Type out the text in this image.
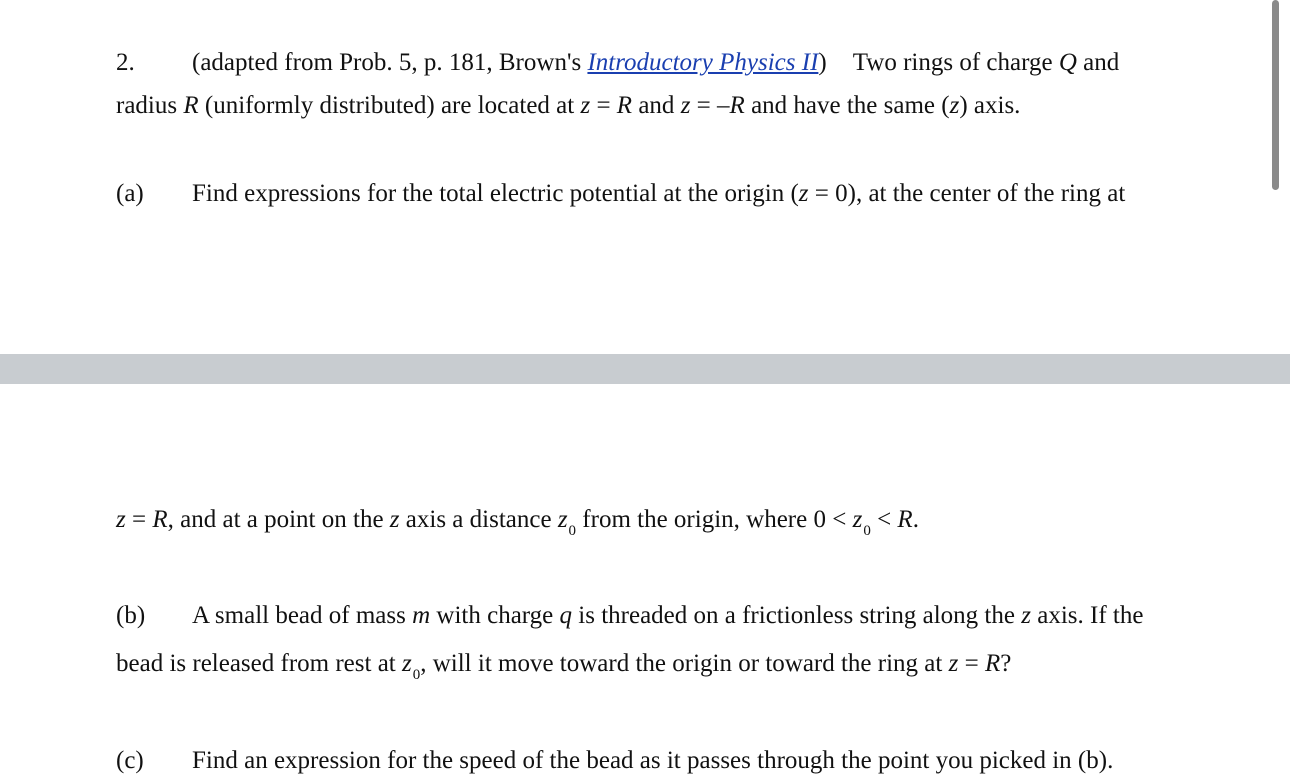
2. (adapted from Prob. 5, p. 181, Brown's Introductory Physics II) Two rings of charge Q and
radius R (uniformly distributed) are located at z = R and z = –R and have the same (z) axis.
(a) Find expressions for the total electric potential at the origin (z = 0), at the center of the ring at
z = R, and at a point on the z axis a distance $z_0$ from the origin, where $0 < z_0 < R$.
(b) A small bead of mass m with charge q is threaded on a frictionless string along the z axis. If the
bead is released from rest at $z_0$, will it move toward the origin or toward the ring at z = R?
(c) Find an expression for the speed of the bead as it passes through the point you picked in (b).
